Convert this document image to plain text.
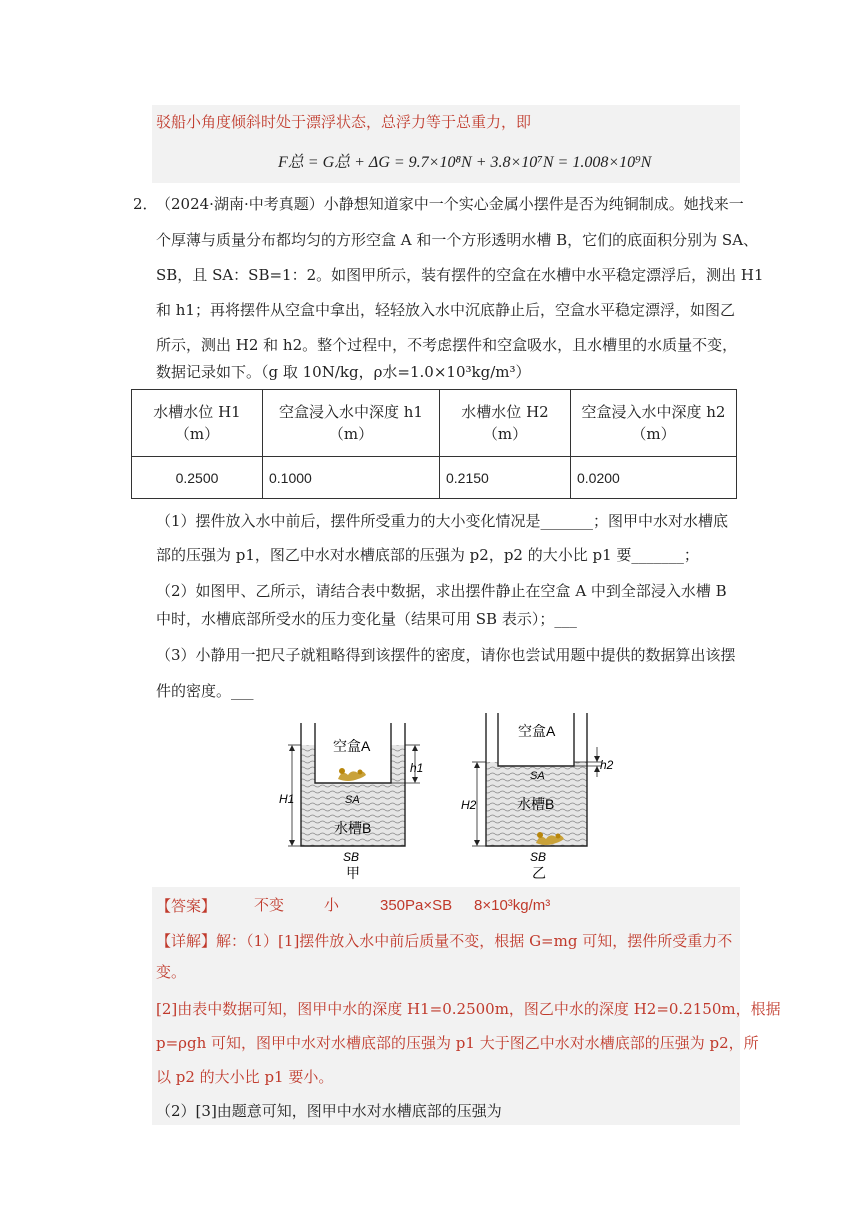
驳船小角度倾斜时处于漂浮状态，总浮力等于总重力，即
F总 = G总 + ΔG = 9.7×10⁸N + 3.8×10⁷N = 1.008×10⁹N
2．
（2024·湖南·中考真题）小静想知道家中一个实心金属小摆件是否为纯铜制成。她找来一
个厚薄与质量分布都均匀的方形空盒 A 和一个方形透明水槽 B，它们的底面积分别为 SA、
SB，且 SA：SB=1：2。如图甲所示，装有摆件的空盒在水槽中水平稳定漂浮后，测出 H1
和 h1；再将摆件从空盒中拿出，轻轻放入水中沉底静止后，空盒水平稳定漂浮，如图乙
所示，测出 H2 和 h2。整个过程中，不考虑摆件和空盒吸水，且水槽里的水质量不变，
数据记录如下。（g 取 10N/kg，ρ水=1.0×10³kg/m³）
水槽水位 H1（m）	空盒浸入水中深度 h1（m）	水槽水位 H2（m）	空盒浸入水中深度 h2（m）
0.2500	0.1000	0.2150	0.0200
（1）摆件放入水中前后，摆件所受重力的大小变化情况是_______；图甲中水对水槽底
部的压强为 p1，图乙中水对水槽底部的压强为 p2，p2 的大小比 p1 要_______；
（2）如图甲、乙所示，请结合表中数据，求出摆件静止在空盒 A 中到全部浸入水槽 B
中时，水槽底部所受水的压力变化量（结果可用 SB 表示）；___
（3）小静用一把尺子就粗略得到该摆件的密度，请你也尝试用题中提供的数据算出该摆
件的密度。___
空盒A
水槽B
SA
h1
H1
SB
甲
空盒A
水槽B
SA
h2
H2
SB
乙
【答案】	不变	小	350Pa×SB 8×10³kg/m³
【详解】解：（1）[1]摆件放入水中前后质量不变，根据 G=mg 可知，摆件所受重力不
变。
[2]由表中数据可知，图甲中水的深度 H1=0.2500m，图乙中水的深度 H2=0.2150m，根据
p=ρgh 可知，图甲中水对水槽底部的压强为 p1 大于图乙中水对水槽底部的压强为 p2，所
以 p2 的大小比 p1 要小。
（2）[3]由题意可知，图甲中水对水槽底部的压强为
